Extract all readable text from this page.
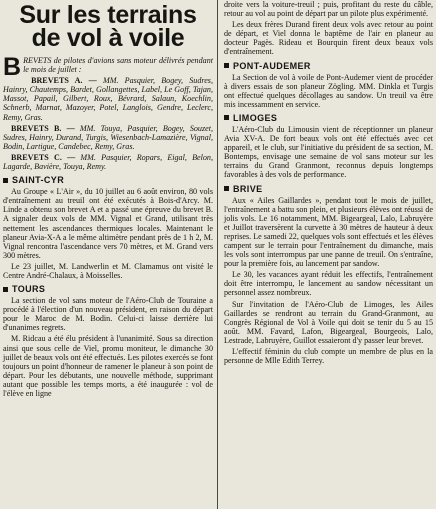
Sur les terrains
de vol à voile

BREVETS de pilotes d'avions sans moteur délivrés pendant le mois de juillet :

BREVETS A. — MM. Pasquier, Bogey, Sudres, Hainry, Chautemps, Bardet, Gollangettes, Label, Le Goff, Tajan, Massot, Papail, Gilbert, Roux, Bévrard, Salaun, Koechlin, Schnerb, Marnat, Mazoyer, Potel, Langlois, Gendre, Leclerc, Remy, Gras.

BREVETS B. — MM. Touya, Pasquier, Bogey, Souzet, Sudres, Hainry, Durand, Turgis, Wiesenbach-Lamazière, Vignal, Bodin, Lartigue, Candebec, Remy, Gras.

BREVETS C. — MM. Pasquier, Ropars, Eigal, Belon, Lagarde, Bavière, Touya, Remy.

SAINT-CYR

Au Groupe « L'Air », du 10 juillet au 6 août environ, 80 vols d'entraînement au treuil ont été exécutés à Bois-d'Arcy. M. Linde a obtenu son brevet A et a passé une épreuve du brevet B. A signaler deux vols de MM. Vignal et Grand, utilisant très nettement les ascendances thermiques locales. Maintenant le planeur Avia-X-A a le même altimètre pendant près de 1 h 2, M. Vignal rencontra l'ascendance vers 70 mètres, et M. Grand vers 300 mètres.

Le 23 juillet, M. Landwerlin et M. Clamamus ont visité le Centre André-Chalaux, à Moisselles.

TOURS

La section de vol sans moteur de l'Aéro-Club de Touraine a procédé à l'élection d'un nouveau président, en raison du départ pour le Maroc de M. Bodin. Celui-ci laisse derrière lui d'unanimes regrets.

M. Ridcau a été élu président à l'unanimité. Sous sa direction ainsi que sous celle de Viel, promu moniteur, le dimanche 30 juillet de beaux vols ont été effectués. Les pilotes exercés se font toujours un point d'honneur de ramener le planeur à son point de départ. Pour les débutants, une nouvelle méthode, supprimant autant que possible les temps morts, a été inaugurée : vol de l'élève en ligne

droite vers la voiture-treuil ; puis, profitant du reste du câble, retour au vol au point de départ par un pilote plus expérimenté.

Les deux frères Durand firent deux vols avec retour au point de départ, et Viel donna le baptême de l'air en planeur au docteur Pagès. Rideau et Bourquin firent deux beaux vols d'entraînement.

PONT-AUDEMER

La Section de vol à voile de Pont-Audemer vient de procéder à divers essais de son planeur Zögling. MM. Dinkla et Turgis ont effectué quelques décollages au sandow. Un treuil va être mis incessamment en service.

LIMOGES

L'Aéro-Club du Limousin vient de réceptionner un planeur Avia XV-A. De fort beaux vols ont été effectués avec cet appareil, et le club, sur l'initiative du président de sa section, M. Bontemps, envisage une semaine de vol sans moteur sur les terrains du Grand Granmont, reconnus depuis longtemps favorables à des vols de performance.

BRIVE

Aux « Ailes Gaillardes », pendant tout le mois de juillet, l'entraînement a battu son plein, et plusieurs élèves ont réussi de jolis vols. Le 16 notamment, MM. Bigeargeal, Lalo, Labruyère et Juillot traversèrent la curvette à 30 mètres de hauteur à deux reprises. Le samedi 22, quelques vols sont effectués et les élèves campent sur le terrain pour l'entraînement du dimanche, mais les vols sont interrompus par une panne de treuil. On s'entraîne, pour la première fois, au lancement par sandow.

Le 30, les vacances ayant réduit les effectifs, l'entraînement doit être interrompu, le lancement au sandow nécessitant un personnel assez nombreux.

Sur l'invitation de l'Aéro-Club de Limoges, les Ailes Gaillardes se rendront au terrain du Grand-Granmont, au Congrès Régional de Vol à Voile qui doit se tenir du 5 au 15 août. MM. Favard, Lafon, Bigeargeal, Bourgeois, Lalo, Lestrade, Labruyère, Guillot essaieront d'y passer leur brevet.

L'effectif féminin du club compte un membre de plus en la personne de Mlle Edith Terrey.
